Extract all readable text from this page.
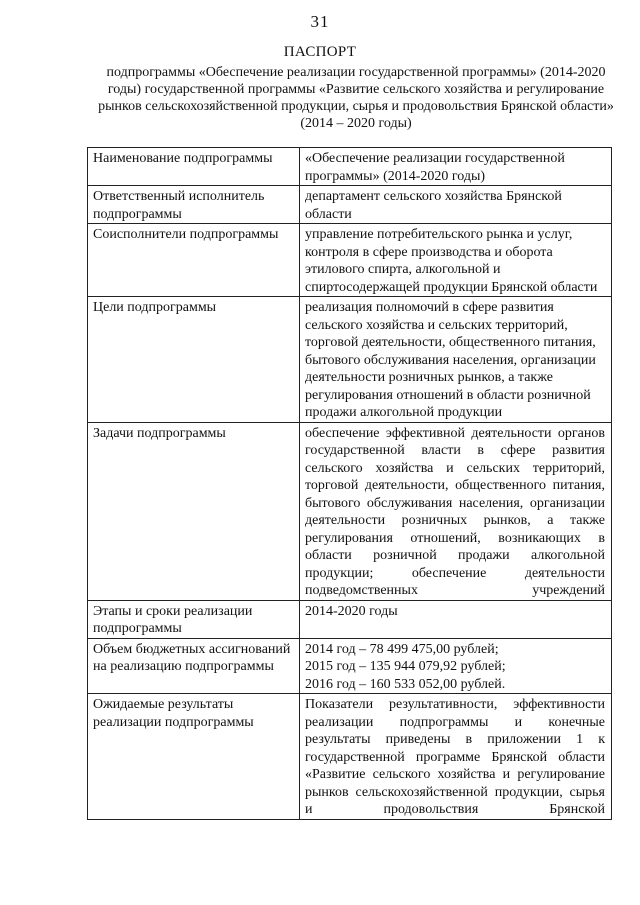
31
ПАСПОРТ
подпрограммы «Обеспечение реализации государственной программы» (2014-2020 годы) государственной программы «Развитие сельского хозяйства и регулирование рынков сельскохозяйственной продукции, сырья и продовольствия Брянской области» (2014 – 2020 годы)
Наименование подпрограммы	«Обеспечение реализации государственной программы» (2014-2020 годы)
Ответственный исполнитель подпрограммы	департамент сельского хозяйства Брянской области
Соисполнители подпрограммы	управление потребительского рынка и услуг, контроля в сфере производства и оборота этилового спирта, алкогольной и спиртосодержащей продукции Брянской области
Цели подпрограммы	реализация полномочий в сфере развития сельского хозяйства и сельских территорий, торговой деятельности, общественного питания, бытового обслуживания населения, организации деятельности розничных рынков, а также регулирования отношений в области розничной продажи алкогольной продукции
Задачи подпрограммы	обеспечение эффективной деятельности органов государственной власти в сфере развития сельского хозяйства и сельских территорий, торговой деятельности, общественного питания, бытового обслуживания населения, организации деятельности розничных рынков, а также регулирования отношений, возникающих в области розничной продажи алкогольной продукции; обеспечение деятельности подведомственных учреждений
Этапы и сроки реализации подпрограммы	2014-2020 годы
Объем бюджетных ассигнований на реализацию подпрограммы	2014 год – 78 499 475,00 рублей;
2015 год – 135 944 079,92 рублей;
2016 год – 160 533 052,00 рублей.

Ожидаемые результаты реализации подпрограммы	Показатели результативности, эффективности реализации подпрограммы и конечные результаты приведены в приложении 1 к государственной программе Брянской области «Развитие сельского хозяйства и регулирование рынков сельскохозяйственной продукции, сырья и продовольствия Брянской
